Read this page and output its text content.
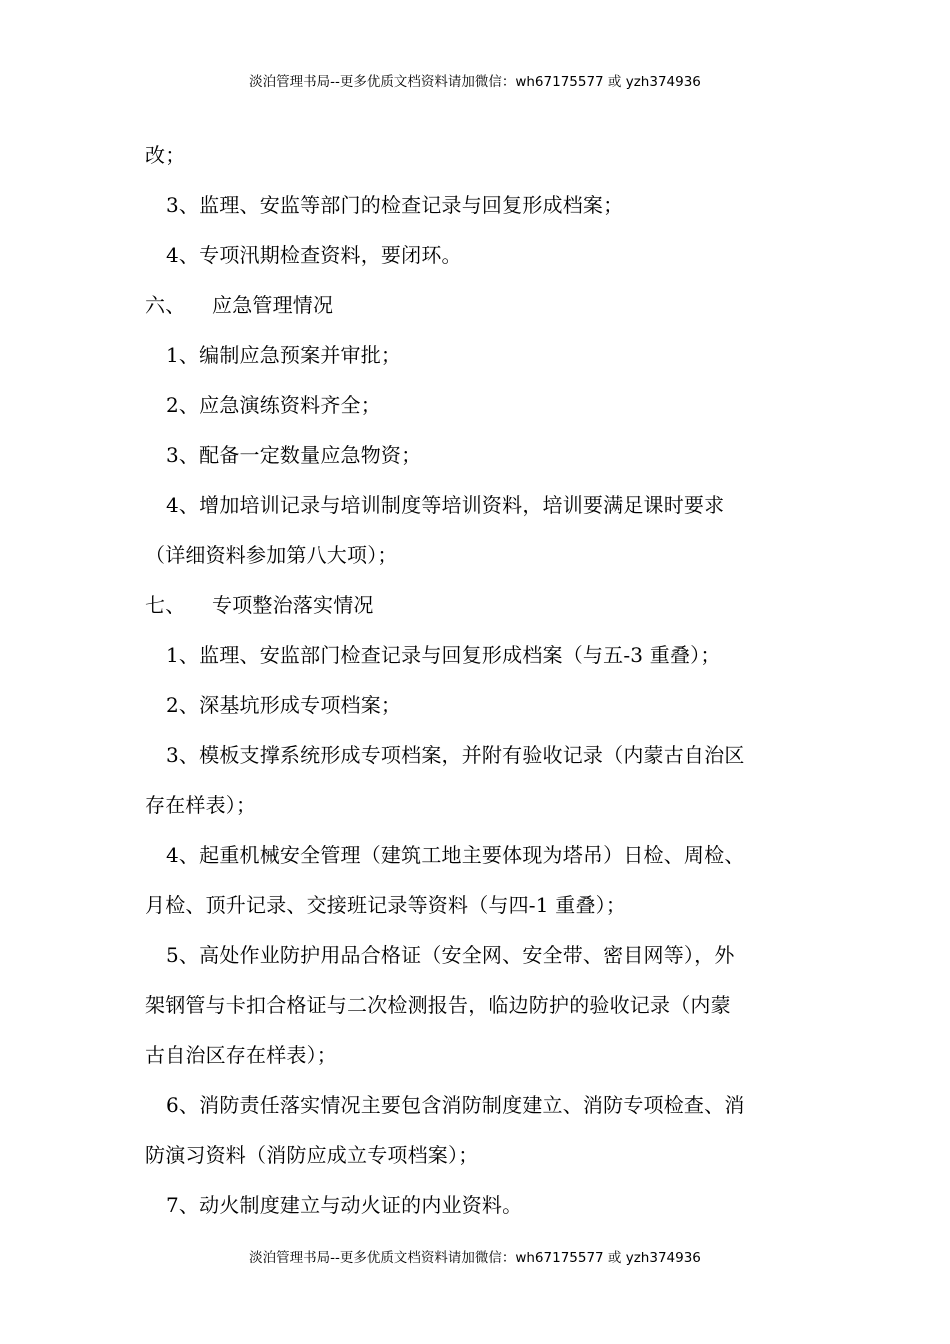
淡泊管理书局--更多优质文档资料请加微信：wh67175577 或 yzh374936
改；
3、监理、安监等部门的检查记录与回复形成档案；
4、专项汛期检查资料，要闭环。
六、 应急管理情况
1、编制应急预案并审批；
2、应急演练资料齐全；
3、配备一定数量应急物资；
4、增加培训记录与培训制度等培训资料，培训要满足课时要求
（详细资料参加第八大项）；
七、 专项整治落实情况
1、监理、安监部门检查记录与回复形成档案（与五-3 重叠）；
2、深基坑形成专项档案；
3、模板支撑系统形成专项档案，并附有验收记录（内蒙古自治区
存在样表）；
4、起重机械安全管理（建筑工地主要体现为塔吊）日检、周检、
月检、顶升记录、交接班记录等资料（与四-1 重叠）；
5、高处作业防护用品合格证（安全网、安全带、密目网等），外
架钢管与卡扣合格证与二次检测报告，临边防护的验收记录（内蒙
古自治区存在样表）；
6、消防责任落实情况主要包含消防制度建立、消防专项检查、消
防演习资料（消防应成立专项档案）；
7、动火制度建立与动火证的内业资料。
淡泊管理书局--更多优质文档资料请加微信：wh67175577 或 yzh374936
